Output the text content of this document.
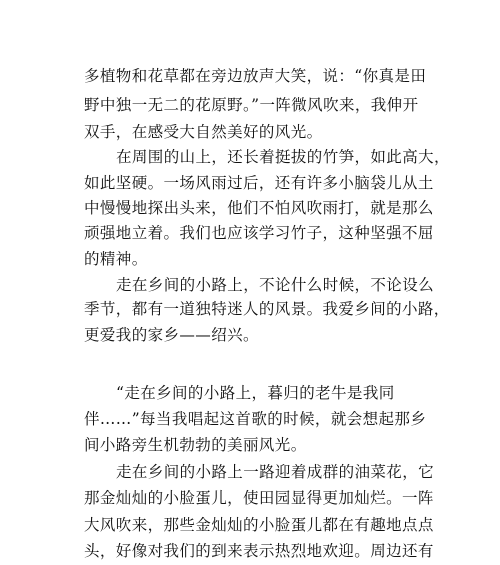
多植物和花草都在旁边放声大笑，说：“你真是田

野中独一无二的花原野。”一阵微风吹来，我伸开

双手，在感受大自然美好的风光。

在周围的山上，还长着挺拔的竹笋，如此高大，

如此坚硬。一场风雨过后，还有许多小脑袋儿从土

中慢慢地探出头来，他们不怕风吹雨打，就是那么

顽强地立着。我们也应该学习竹子，这种坚强不屈

的精神。

走在乡间的小路上，不论什么时候，不论设么

季节，都有一道独特迷人的风景。我爱乡间的小路，

更爱我的家乡——绍兴。

“走在乡间的小路上，暮归的老牛是我同

伴……”每当我唱起这首歌的时候，就会想起那乡

间小路旁生机勃勃的美丽风光。

走在乡间的小路上一路迎着成群的油菜花，它

那金灿灿的小脸蛋儿，使田园显得更加灿烂。一阵

大风吹来，那些金灿灿的小脸蛋儿都在有趣地点点

头，好像对我们的到来表示热烈地欢迎。周边还有
